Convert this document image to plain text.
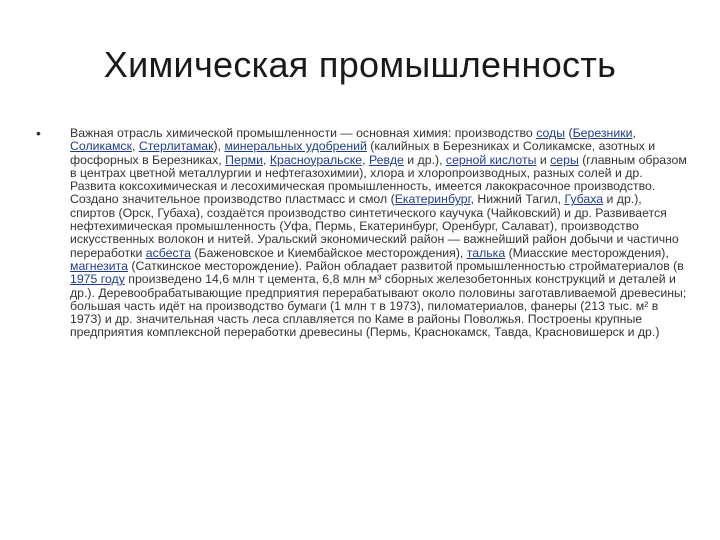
Химическая промышленность
• Важная отрасль химической промышленности — основная химия: производство соды (Березники, Соликамск, Стерлитамак), минеральных удобрений (калийных в Березниках и Соликамске, азотных и фосфорных в Березниках, Перми, Красноуральске, Ревде и др.), серной кислоты и серы (главным образом в центрах цветной металлургии и нефтегазохимии), хлора и хлоропроизводных, разных солей и др. Развита коксохимическая и лесохимическая промышленность, имеется лакокрасочное производство. Создано значительное производство пластмасс и смол (Екатеринбург, Нижний Тагил, Губаха и др.), спиртов (Орск, Губаха), создаётся производство синтетического каучука (Чайковский) и др. Развивается нефтехимическая промышленность (Уфа, Пермь, Екатеринбург, Оренбург, Салават), производство искусственных волокон и нитей. Уральский экономический район — важнейший район добычи и частично переработки асбеста (Баженовское и Киембайское месторождения), талька (Миасские месторождения), магнезита (Саткинское месторождение). Район обладает развитой промышленностью стройматериалов (в 1975 году произведено 14,6 млн т цемента, 6,8 млн м³ сборных железобетонных конструкций и деталей и др.). Деревообрабатывающие предприятия перерабатывают около половины заготавливаемой древесины; большая часть идёт на производство бумаги (1 млн т в 1973), пиломатериалов, фанеры (213 тыс. м² в 1973) и др. значительная часть леса сплавляется по Каме в районы Поволжья. Построены крупные предприятия комплексной переработки древесины (Пермь, Краснокамск, Тавда, Красновишерск и др.)
